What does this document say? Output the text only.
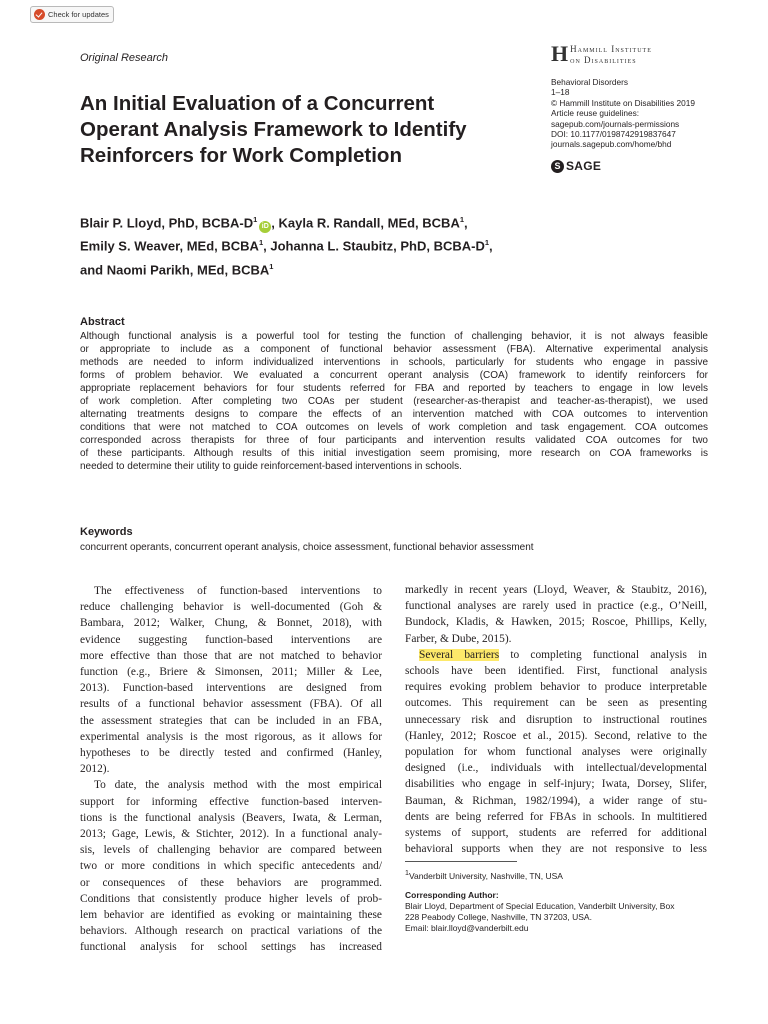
Check for updates
Original Research	H Hammill Institute
on Disabilities
Behavioral Disorders
1–18
© Hammill Institute on Disabilities 2019
Article reuse guidelines:
sagepub.com/journals-permissions
DOI: 10.1177/0198742919837647
journals.sagepub.com/home/bhd
S SAGE
An Initial Evaluation of a Concurrent
Operant Analysis Framework to Identify
Reinforcers for Work Completion
Blair P. Lloyd, PhD, BCBA-$D^1iD$ , Kayla R. Randall, MEd, BCBA$^1$,
Emily S. Weaver, MEd, BCBA$^1$, Johanna L. Staubitz, PhD, BCBA-$D^1$,
and Naomi Parikh, MEd, BCBA$^1$
Abstract
Although functional analysis is a powerful tool for testing the function of challenging behavior, it is not always feasible
or appropriate to include as a component of functional behavior assessment (FBA). Alternative experimental analysis
methods are needed to inform individualized interventions in schools, particularly for students who engage in passive
forms of problem behavior. We evaluated a concurrent operant analysis (COA) framework to identify reinforcers for
appropriate replacement behaviors for four students referred for FBA and reported by teachers to engage in low levels
of work completion. After completing two COAs per student (researcher-as-therapist and teacher-as-therapist), we used
alternating treatments designs to compare the effects of an intervention matched with COA outcomes to intervention
conditions that were not matched to COA outcomes on levels of work completion and task engagement. COA outcomes
corresponded across therapists for three of four participants and intervention results validated COA outcomes for two
of these participants. Although results of this initial investigation seem promising, more research on COA frameworks is
needed to determine their utility to guide reinforcement-based interventions in schools.
Keywords
concurrent operants, concurrent operant analysis, choice assessment, functional behavior assessment
The effectiveness of function-based interventions to
reduce challenging behavior is well-documented (Goh &
Bambara, 2012; Walker, Chung, & Bonnet, 2018), with
evidence suggesting function-based interventions are
more effective than those that are not matched to behavior
function (e.g., Briere & Simonsen, 2011; Miller & Lee,
2013). Function-based interventions are designed from
results of a functional behavior assessment (FBA). Of all
the assessment strategies that can be included in an FBA,
experimental analysis is the most rigorous, as it allows for
hypotheses to be directly tested and confirmed (Hanley,
2012).
To date, the analysis method with the most empirical
support for informing effective function-based interven-
tions is the functional analysis (Beavers, Iwata, & Lerman,
2013; Gage, Lewis, & Stichter, 2012). In a functional analy-
sis, levels of challenging behavior are compared between
two or more conditions in which specific antecedents and/
or consequences of these behaviors are programmed.
Conditions that consistently produce higher levels of prob-
lem behavior are identified as evoking or maintaining these
behaviors. Although research on practical variations of the
functional analysis for school settings has increased
markedly in recent years (Lloyd, Weaver, & Staubitz, 2016),
functional analyses are rarely used in practice (e.g., O’Neill,
Bundock, Kladis, & Hawken, 2015; Roscoe, Phillips, Kelly,
Farber, & Dube, 2015).
Several barriers to completing functional analysis in
schools have been identified. First, functional analysis
requires evoking problem behavior to produce interpretable
outcomes. This requirement can be seen as presenting
unnecessary risk and disruption to instructional routines
(Hanley, 2012; Roscoe et al., 2015). Second, relative to the
population for whom functional analyses were originally
designed (i.e., individuals with intellectual/developmental
disabilities who engage in self-injury; Iwata, Dorsey, Slifer,
Bauman, & Richman, 1982/1994), a wider range of stu-
dents are being referred for FBAs in schools. In multitiered
systems of support, students are referred for additional
behavioral supports when they are not responsive to less
$^1$Vanderbilt University, Nashville, TN, USA
Corresponding Author:
Blair Lloyd, Department of Special Education, Vanderbilt University, Box
228 Peabody College, Nashville, TN 37203, USA.
Email: blair.lloyd@vanderbilt.edu
